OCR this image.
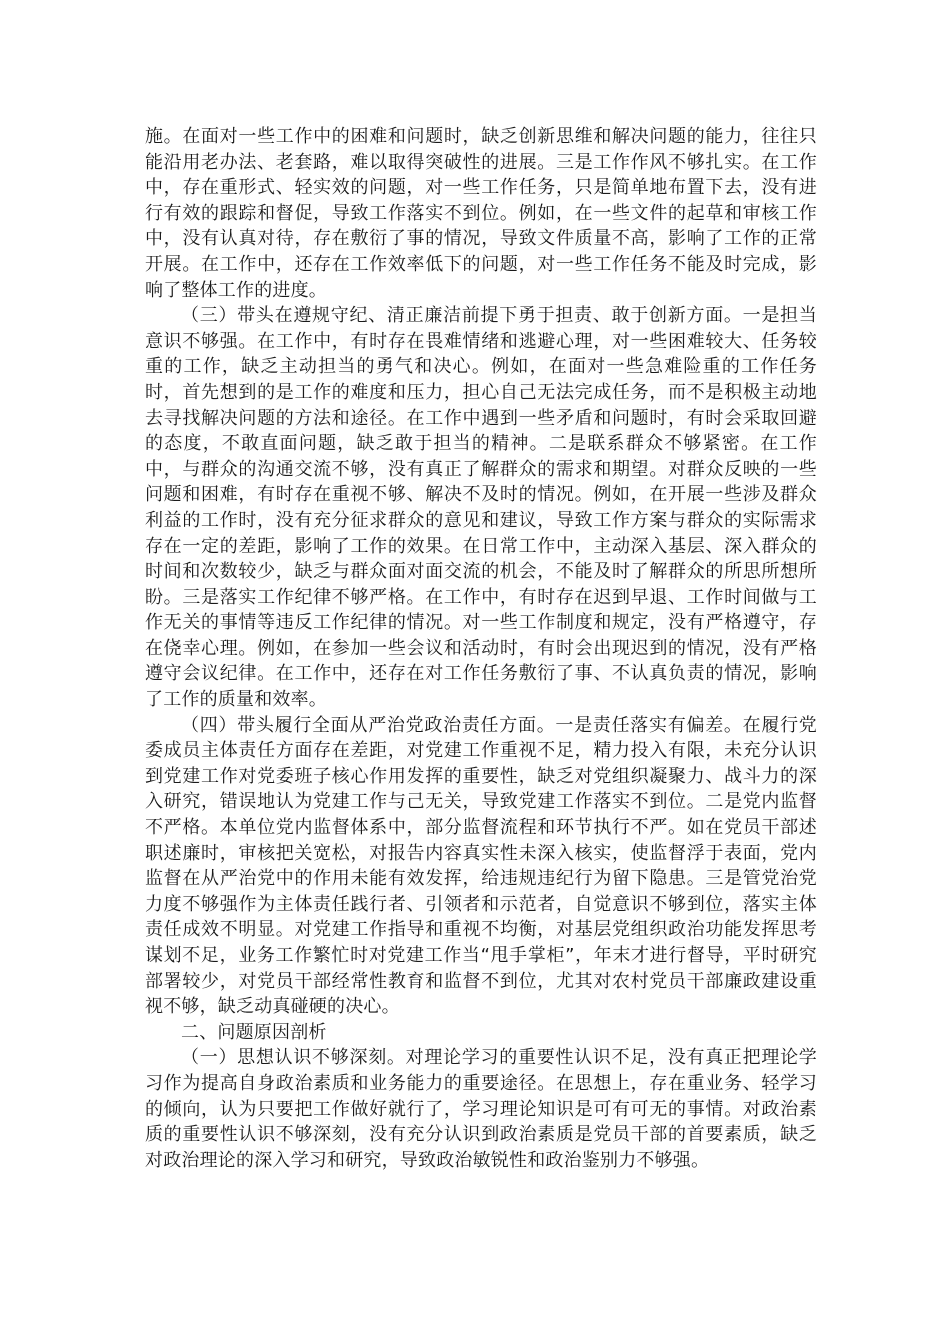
施。在面对一些工作中的困难和问题时，缺乏创新思维和解决问题的能力，往往只能沿用老办法、老套路，难以取得突破性的进展。三是工作作风不够扎实。在工作中，存在重形式、轻实效的问题，对一些工作任务，只是简单地布置下去，没有进行有效的跟踪和督促，导致工作落实不到位。例如，在一些文件的起草和审核工作中，没有认真对待，存在敷衍了事的情况，导致文件质量不高，影响了工作的正常开展。在工作中，还存在工作效率低下的问题，对一些工作任务不能及时完成，影响了整体工作的进度。

（三）带头在遵规守纪、清正廉洁前提下勇于担责、敢于创新方面。一是担当意识不够强。在工作中，有时存在畏难情绪和逃避心理，对一些困难较大、任务较重的工作，缺乏主动担当的勇气和决心。例如，在面对一些急难险重的工作任务时，首先想到的是工作的难度和压力，担心自己无法完成任务，而不是积极主动地去寻找解决问题的方法和途径。在工作中遇到一些矛盾和问题时，有时会采取回避的态度，不敢直面问题，缺乏敢于担当的精神。二是联系群众不够紧密。在工作中，与群众的沟通交流不够，没有真正了解群众的需求和期望。对群众反映的一些问题和困难，有时存在重视不够、解决不及时的情况。例如，在开展一些涉及群众利益的工作时，没有充分征求群众的意见和建议，导致工作方案与群众的实际需求存在一定的差距，影响了工作的效果。在日常工作中，主动深入基层、深入群众的时间和次数较少，缺乏与群众面对面交流的机会，不能及时了解群众的所思所想所盼。三是落实工作纪律不够严格。在工作中，有时存在迟到早退、工作时间做与工作无关的事情等违反工作纪律的情况。对一些工作制度和规定，没有严格遵守，存在侥幸心理。例如，在参加一些会议和活动时，有时会出现迟到的情况，没有严格遵守会议纪律。在工作中，还存在对工作任务敷衍了事、不认真负责的情况，影响了工作的质量和效率。

（四）带头履行全面从严治党政治责任方面。一是责任落实有偏差。在履行党委成员主体责任方面存在差距，对党建工作重视不足，精力投入有限，未充分认识到党建工作对党委班子核心作用发挥的重要性，缺乏对党组织凝聚力、战斗力的深入研究，错误地认为党建工作与己无关，导致党建工作落实不到位。二是党内监督不严格。本单位党内监督体系中，部分监督流程和环节执行不严。如在党员干部述职述廉时，审核把关宽松，对报告内容真实性未深入核实，使监督浮于表面，党内监督在从严治党中的作用未能有效发挥，给违规违纪行为留下隐患。三是管党治党力度不够强作为主体责任践行者、引领者和示范者，自觉意识不够到位，落实主体责任成效不明显。对党建工作指导和重视不均衡，对基层党组织政治功能发挥思考谋划不足，业务工作繁忙时对党建工作当“甩手掌柜”，年末才进行督导，平时研究部署较少，对党员干部经常性教育和监督不到位，尤其对农村党员干部廉政建设重视不够，缺乏动真碰硬的决心。

二、问题原因剖析

（一）思想认识不够深刻。对理论学习的重要性认识不足，没有真正把理论学习作为提高自身政治素质和业务能力的重要途径。在思想上，存在重业务、轻学习的倾向，认为只要把工作做好就行了，学习理论知识是可有可无的事情。对政治素质的重要性认识不够深刻，没有充分认识到政治素质是党员干部的首要素质，缺乏对政治理论的深入学习和研究，导致政治敏锐性和政治鉴别力不够强。
